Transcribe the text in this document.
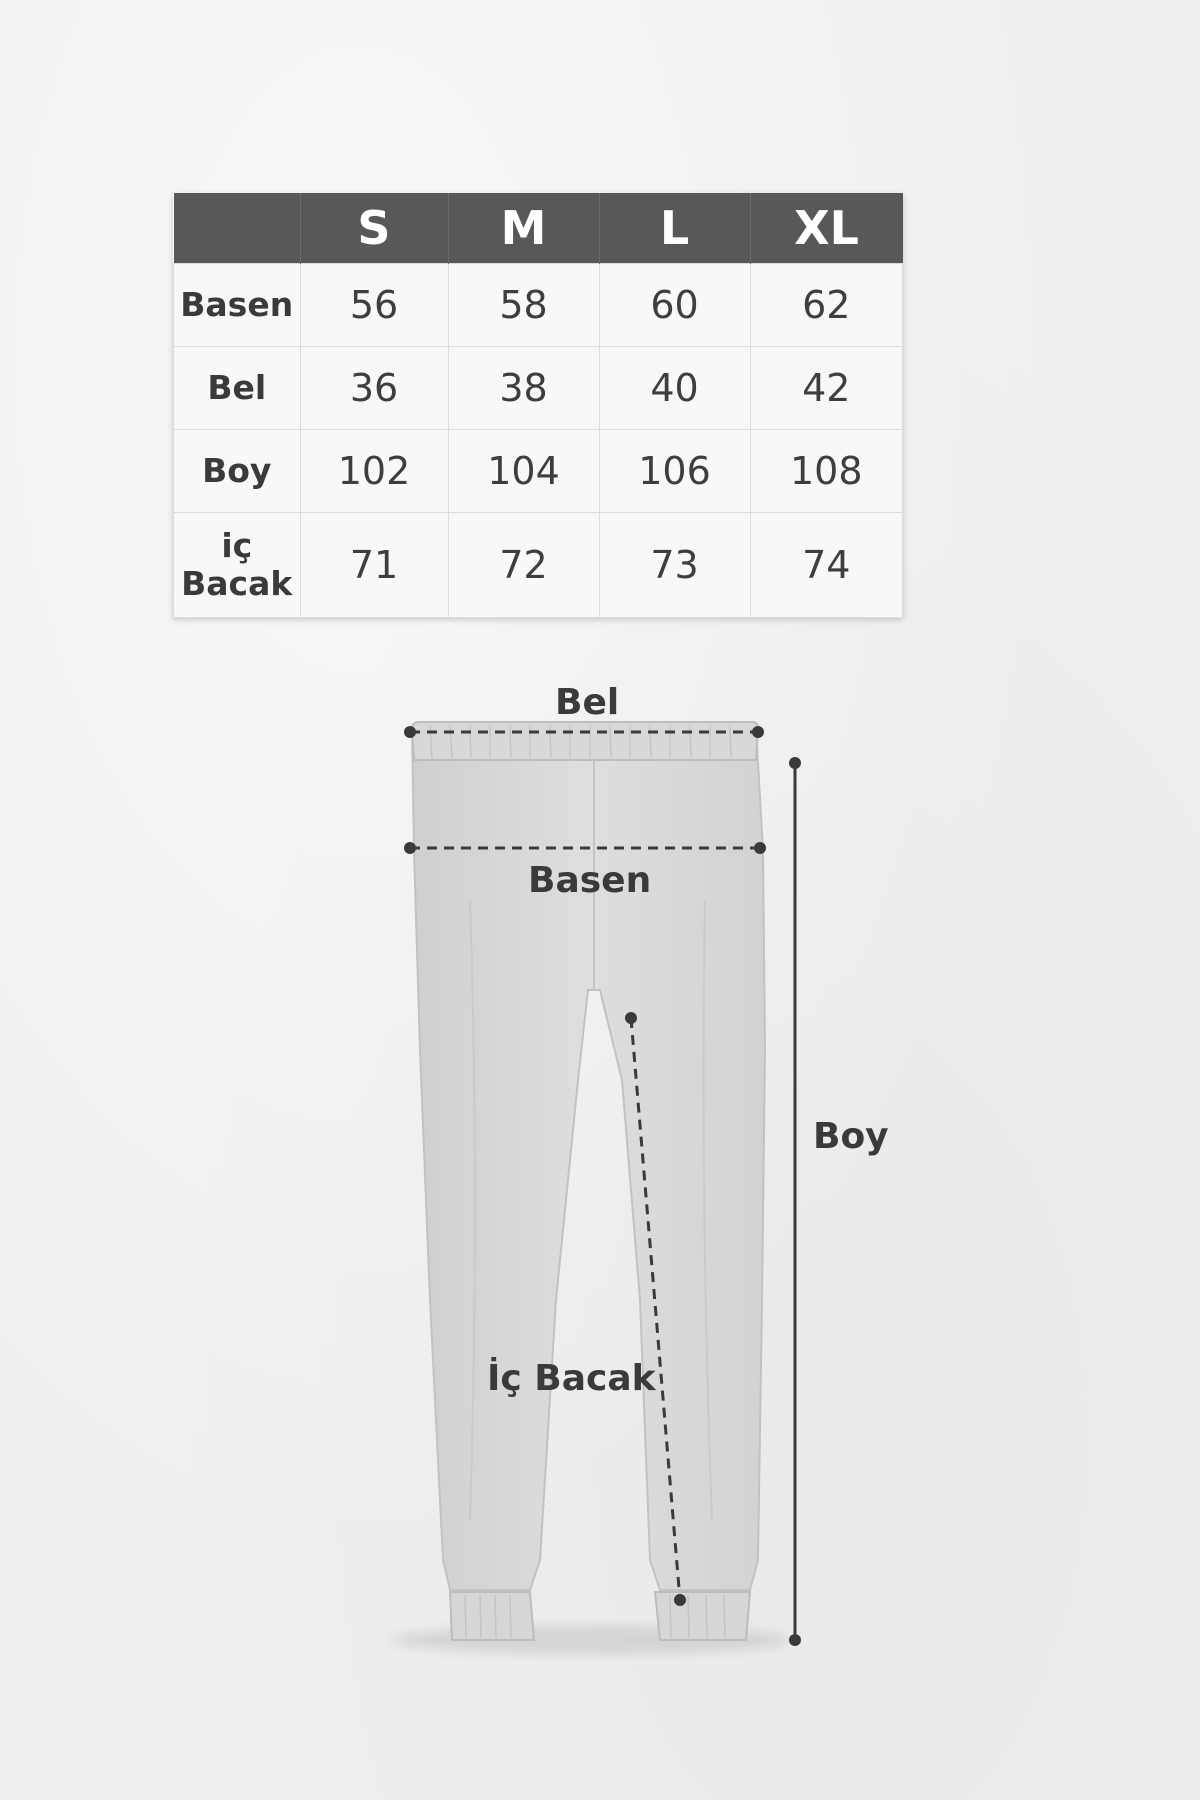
	S	M	L	XL
Basen	56	58	60	62
Bel	36	38	40	42
Boy	102	104	106	108
iç
Bacak	71	72	73	74
Bel
Basen
Boy
İç Bacak
